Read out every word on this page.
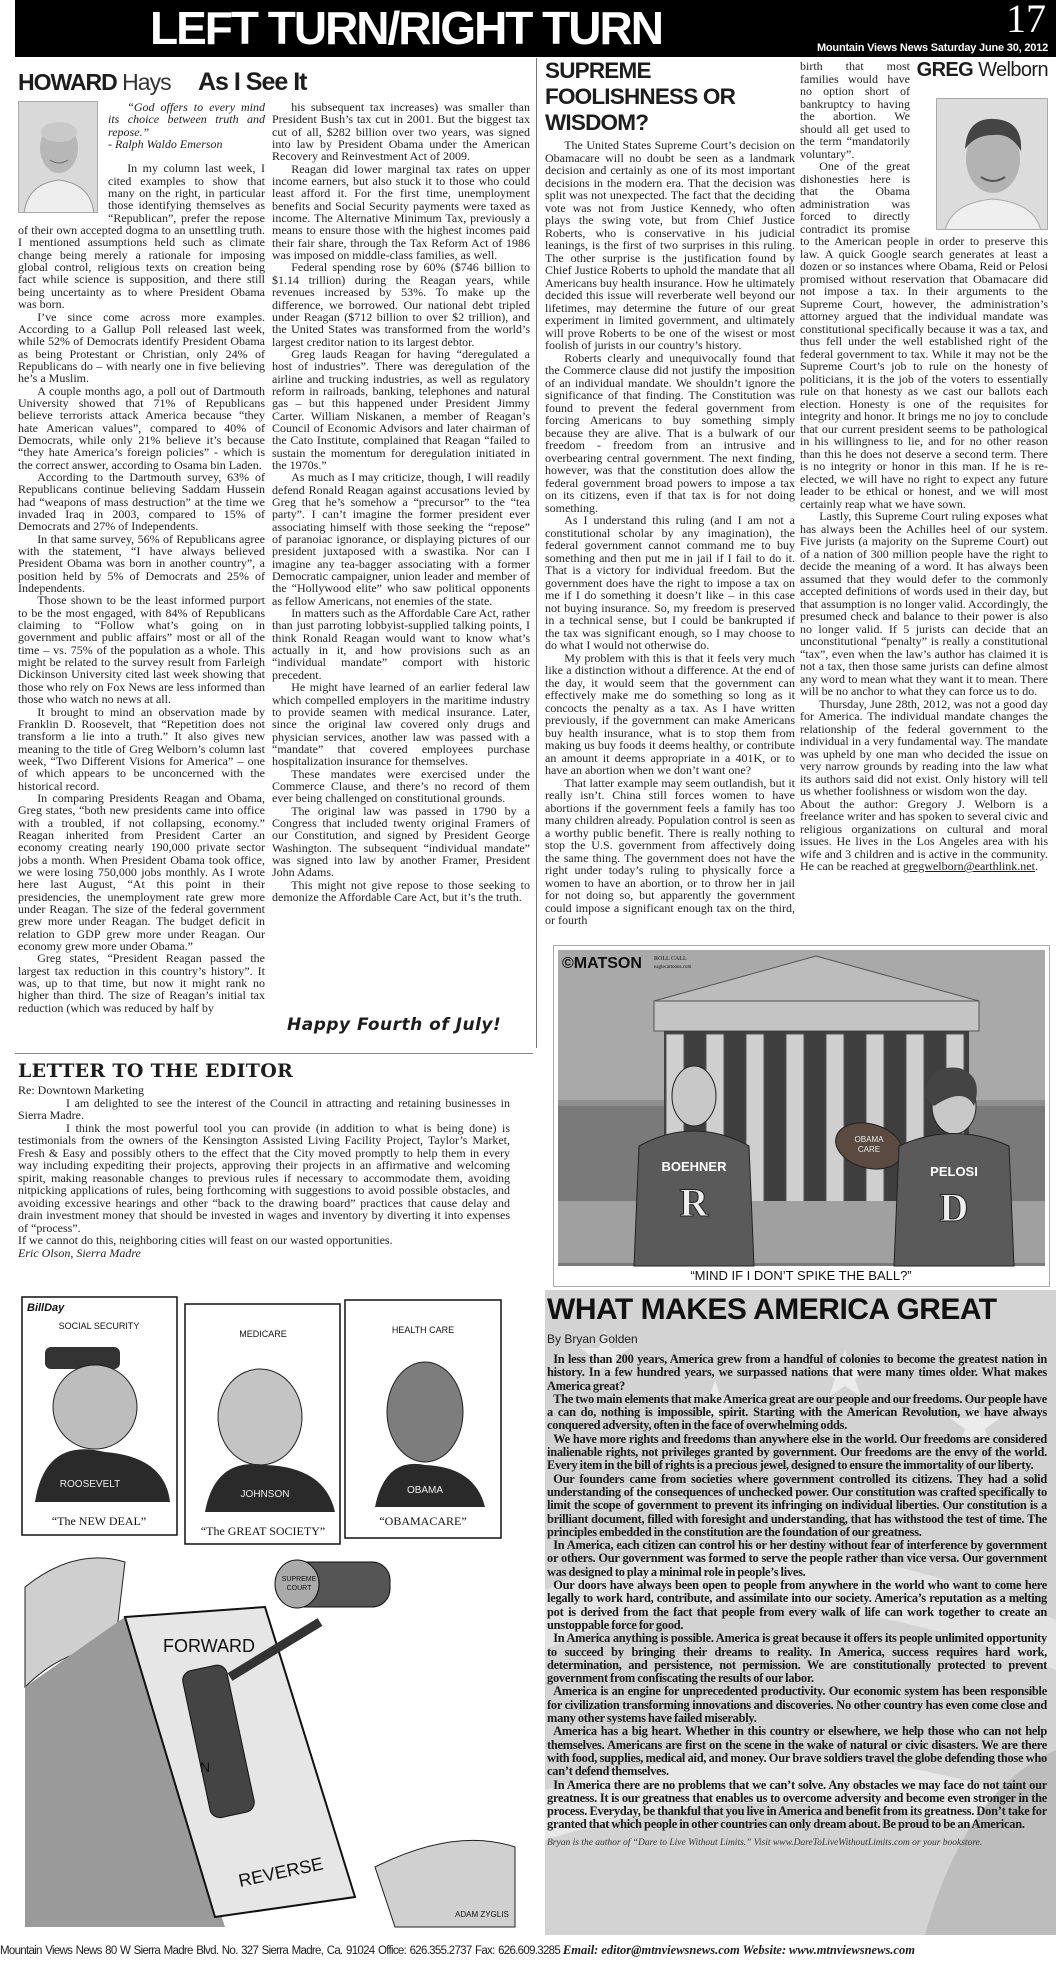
LEFT TURN/RIGHT TURN	17
Mountain Views News Saturday June 30, 2012
HOWARD Hays As I See It

“God offers to every mind its choice between truth and repose.”

- Ralph Waldo Emerson

In my column last week, I cited examples to show that many on the right, in particular those identifying themselves as “Republican”, prefer the repose of their own accepted dogma to an unsettling truth. I mentioned assumptions held such as climate change being merely a rationale for imposing global control, religious texts on creation being fact while science is supposition, and there still being uncertainty as to where President Obama was born.

I’ve since come across more examples. According to a Gallup Poll released last week, while 52% of Democrats identify President Obama as being Protestant or Christian, only 24% of Republicans do – with nearly one in five believing he’s a Muslim.

A couple months ago, a poll out of Dartmouth University showed that 71% of Republicans believe terrorists attack America because “they hate American values”, compared to 40% of Democrats, while only 21% believe it’s because “they hate America’s foreign policies” - which is the correct answer, according to Osama bin Laden.

According to the Dartmouth survey, 63% of Republicans continue believing Saddam Hussein had “weapons of mass destruction” at the time we invaded Iraq in 2003, compared to 15% of Democrats and 27% of Independents.

In that same survey, 56% of Republicans agree with the statement, “I have always believed President Obama was born in another country”, a position held by 5% of Democrats and 25% of Independents.

Those shown to be the least informed purport to be the most engaged, with 84% of Republicans claiming to “Follow what’s going on in government and public affairs” most or all of the time – vs. 75% of the population as a whole. This might be related to the survey result from Farleigh Dickinson University cited last week showing that those who rely on Fox News are less informed than those who watch no news at all.

It brought to mind an observation made by Franklin D. Roosevelt, that “Repetition does not transform a lie into a truth.” It also gives new meaning to the title of Greg Welborn’s column last week, “Two Different Visions for America” – one of which appears to be unconcerned with the historical record.

In comparing Presidents Reagan and Obama, Greg states, “both new presidents came into office with a troubled, if not collapsing, economy.” Reagan inherited from President Carter an economy creating nearly 190,000 private sector jobs a month. When President Obama took office, we were losing 750,000 jobs monthly. As I wrote here last August, “At this point in their presidencies, the unemployment rate grew more under Reagan. The size of the federal government grew more under Reagan. The budget deficit in relation to GDP grew more under Reagan. Our economy grew more under Obama.”

Greg states, “President Reagan passed the largest tax reduction in this country’s history”. It was, up to that time, but now it might rank no higher than third. The size of Reagan’s initial tax reduction (which was reduced by half by

his subsequent tax increases) was smaller than President Bush’s tax cut in 2001. But the biggest tax cut of all, $282 billion over two years, was signed into law by President Obama under the American Recovery and Reinvestment Act of 2009.

Reagan did lower marginal tax rates on upper income earners, but also stuck it to those who could least afford it. For the first time, unemployment benefits and Social Security payments were taxed as income. The Alternative Minimum Tax, previously a means to ensure those with the highest incomes paid their fair share, through the Tax Reform Act of 1986 was imposed on middle-class families, as well.

Federal spending rose by 60% ($746 billion to $1.14 trillion) during the Reagan years, while revenues increased by 53%. To make up the difference, we borrowed. Our national debt tripled under Reagan ($712 billion to over $2 trillion), and the United States was transformed from the world’s largest creditor nation to its largest debtor.

Greg lauds Reagan for having “deregulated a host of industries”. There was deregulation of the airline and trucking industries, as well as regulatory reform in railroads, banking, telephones and natural gas – but this happened under President Jimmy Carter. William Niskanen, a member of Reagan’s Council of Economic Advisors and later chairman of the Cato Institute, complained that Reagan “failed to sustain the momentum for deregulation initiated in the 1970s.”

As much as I may criticize, though, I will readily defend Ronald Reagan against accusations levied by Greg that he’s somehow a “precursor” to the “tea party”. I can’t imagine the former president ever associating himself with those seeking the “repose” of paranoiac ignorance, or displaying pictures of our president juxtaposed with a swastika. Nor can I imagine any tea-bagger associating with a former Democratic campaigner, union leader and member of the “Hollywood elite” who saw political opponents as fellow Americans, not enemies of the state.

In matters such as the Affordable Care Act, rather than just parroting lobbyist-supplied talking points, I think Ronald Reagan would want to know what’s actually in it, and how provisions such as an “individual mandate” comport with historic precedent.

He might have learned of an earlier federal law which compelled employers in the maritime industry to provide seamen with medical insurance. Later, since the original law covered only drugs and physician services, another law was passed with a “mandate” that covered employees purchase hospitalization insurance for themselves.

These mandates were exercised under the Commerce Clause, and there’s no record of them ever being challenged on constitutional grounds.

The original law was passed in 1790 by a Congress that included twenty original Framers of our Constitution, and signed by President George Washington. The subsequent “individual mandate” was signed into law by another Framer, President John Adams.

This might not give repose to those seeking to demonize the Affordable Care Act, but it’s the truth.

Happy Fourth of July!
SUPREME FOOLISHNESS OR WISDOM?

The United States Supreme Court’s decision on Obamacare will no doubt be seen as a landmark decision and certainly as one of its most important decisions in the modern era. That the decision was split was not unexpected. The fact that the deciding vote was not from Justice Kennedy, who often plays the swing vote, but from Chief Justice Roberts, who is conservative in his judicial leanings, is the first of two surprises in this ruling. The other surprise is the justification found by Chief Justice Roberts to uphold the mandate that all Americans buy health insurance. How he ultimately decided this issue will reverberate well beyond our lifetimes, may determine the future of our great experiment in limited government, and ultimately will prove Roberts to be one of the wisest or most foolish of jurists in our country’s history.

Roberts clearly and unequivocally found that the Commerce clause did not justify the imposition of an individual mandate. We shouldn’t ignore the significance of that finding. The Constitution was found to prevent the federal government from forcing Americans to buy something simply because they are alive. That is a bulwark of our freedom - freedom from an intrusive and overbearing central government. The next finding, however, was that the constitution does allow the federal government broad powers to impose a tax on its citizens, even if that tax is for not doing something.

As I understand this ruling (and I am not a constitutional scholar by any imagination), the federal government cannot command me to buy something and then put me in jail if I fail to do it. That is a victory for individual freedom. But the government does have the right to impose a tax on me if I do something it doesn’t like – in this case not buying insurance. So, my freedom is preserved in a technical sense, but I could be bankrupted if the tax was significant enough, so I may choose to do what I would not otherwise do.

My problem with this is that it feels very much like a distinction without a difference. At the end of the day, it would seem that the government can effectively make me do something so long as it concocts the penalty as a tax. As I have written previously, if the government can make Americans buy health insurance, what is to stop them from making us buy foods it deems healthy, or contribute an amount it deems appropriate in a 401K, or to have an abortion when we don’t want one?

That latter example may seem outlandish, but it really isn’t. China still forces women to have abortions if the government feels a family has too many children already. Population control is seen as a worthy public benefit. There is really nothing to stop the U.S. government from affectively doing the same thing. The government does not have the right under today’s ruling to physically force a women to have an abortion, or to throw her in jail for not doing so, but apparently the government could impose a significant enough tax on the third, or fourth

GREG Welborn

birth that most families would have no option short of bankruptcy to having the abortion. We should all get used to the term “mandatorily voluntary”.

One of the great dishonesties here is that the Obama administration was forced to directly contradict its promise to the American people in order to preserve this law. A quick Google search generates at least a dozen or so instances where Obama, Reid or Pelosi promised without reservation that Obamacare did not impose a tax. In their arguments to the Supreme Court, however, the administration’s attorney argued that the individual mandate was constitutional specifically because it was a tax, and thus fell under the well established right of the federal government to tax. While it may not be the Supreme Court’s job to rule on the honesty of politicians, it is the job of the voters to essentially rule on that honesty as we cast our ballots each election. Honesty is one of the requisites for integrity and honor. It brings me no joy to conclude that our current president seems to be pathological in his willingness to lie, and for no other reason than this he does not deserve a second term. There is no integrity or honor in this man. If he is re-elected, we will have no right to expect any future leader to be ethical or honest, and we will most certainly reap what we have sown.

Lastly, this Supreme Court ruling exposes what has always been the Achilles heel of our system. Five jurists (a majority on the Supreme Court) out of a nation of 300 million people have the right to decide the meaning of a word. It has always been assumed that they would defer to the commonly accepted definitions of words used in their day, but that assumption is no longer valid. Accordingly, the presumed check and balance to their power is also no longer valid. If 5 jurists can decide that an unconstitutional “penalty” is really a constitutional “tax”, even when the law’s author has claimed it is not a tax, then those same jurists can define almost any word to mean what they want it to mean. There will be no anchor to what they can force us to do.

Thursday, June 28th, 2012, was not a good day for America. The individual mandate changes the relationship of the federal government to the individual in a very fundamental way. The mandate was upheld by one man who decided the issue on very narrow grounds by reading into the law what its authors said did not exist. Only history will tell us whether foolishness or wisdom won the day.

About the author: Gregory J. Welborn is a freelance writer and has spoken to several civic and religious organizations on cultural and moral issues. He lives in the Los Angeles area with his wife and 3 children and is active in the community. He can be reached at gregwelborn@earthlink.net.

LETTER TO THE EDITOR

Re: Downtown Marketing

I am delighted to see the interest of the Council in attracting and retaining businesses in Sierra Madre.

I think the most powerful tool you can provide (in addition to what is being done) is testimonials from the owners of the Kensington Assisted Living Facility Project, Taylor’s Market, Fresh & Easy and possibly others to the effect that the City moved promptly to help them in every way including expediting their projects, approving their projects in an affirmative and welcoming spirit, making reasonable changes to previous rules if necessary to accommodate them, avoiding nitpicking applications of rules, being forthcoming with suggestions to avoid possible obstacles, and avoiding excessive hearings and other “back to the drawing board” practices that cause delay and drain investment money that should be invested in wages and inventory by diverting it into expenses of “process”.

If we cannot do this, neighboring cities will feast on our wasted opportunities.

Eric Olson, Sierra Madre

©MATSON ROLL CALL
eaglecartoons.com
BOEHNER
R
OBAMA
CARE
PELOSI
D
“MIND IF I DON’T SPIKE THE BALL?”
WHAT MAKES AMERICA GREAT
By Bryan Golden

In less than 200 years, America grew from a handful of colonies to become the greatest nation in history. In a few hundred years, we surpassed nations that were many times older. What makes America great?

The two main elements that make America great are our people and our freedoms. Our people have a can do, nothing is impossible, spirit. Starting with the American Revolution, we have always conquered adversity, often in the face of overwhelming odds.

We have more rights and freedoms than anywhere else in the world. Our freedoms are considered inalienable rights, not privileges granted by government. Our freedoms are the envy of the world. Every item in the bill of rights is a precious jewel, designed to ensure the immortality of our liberty.

Our founders came from societies where government controlled its citizens. They had a solid understanding of the consequences of unchecked power. Our constitution was crafted specifically to limit the scope of government to prevent its infringing on individual liberties. Our constitution is a brilliant document, filled with foresight and understanding, that has withstood the test of time. The principles embedded in the constitution are the foundation of our greatness.

In America, each citizen can control his or her destiny without fear of interference by government or others. Our government was formed to serve the people rather than vice versa. Our government was designed to play a minimal role in people’s lives.

Our doors have always been open to people from anywhere in the world who want to come here legally to work hard, contribute, and assimilate into our society. America’s reputation as a melting pot is derived from the fact that people from every walk of life can work together to create an unstoppable force for good.

In America anything is possible. America is great because it offers its people unlimited opportunity to succeed by bringing their dreams to reality. In America, success requires hard work, determination, and persistence, not permission. We are constitutionally protected to prevent government from confiscating the results of our labor.

America is an engine for unprecedented productivity. Our economic system has been responsible for civilization transforming innovations and discoveries. No other country has even come close and many other systems have failed miserably.

America has a big heart. Whether in this country or elsewhere, we help those who can not help themselves. Americans are first on the scene in the wake of natural or civic disasters. We are there with food, supplies, medical aid, and money. Our brave soldiers travel the globe defending those who can’t defend themselves.

In America there are no problems that we can’t solve. Any obstacles we may face do not taint our greatness. It is our greatness that enables us to overcome adversity and become even stronger in the process. Everyday, be thankful that you live in America and benefit from its greatness. Don’t take for granted that which people in other countries can only dream about. Be proud to be an American.

Bryan is the author of “Dare to Live Without Limits.” Visit www.DareToLiveWithoutLimits.com or your bookstore.
BillDay
SOCIAL SECURITY
MEDICARE	HEALTH CARE
ROOSEVELT
JOHNSON	OBAMA
“The NEW DEAL”
“The GREAT SOCIETY”
“OBAMACARE”
SUPREME
COURT
FORWARD
N
REVERSE
ADAM ZYGLIS
Mountain Views News 80 W Sierra Madre Blvd. No. 327 Sierra Madre, Ca. 91024 Office: 626.355.2737 Fax: 626.609.3285 Email: editor@mtnviewsnews.com Website: www.mtnviewsnews.com
